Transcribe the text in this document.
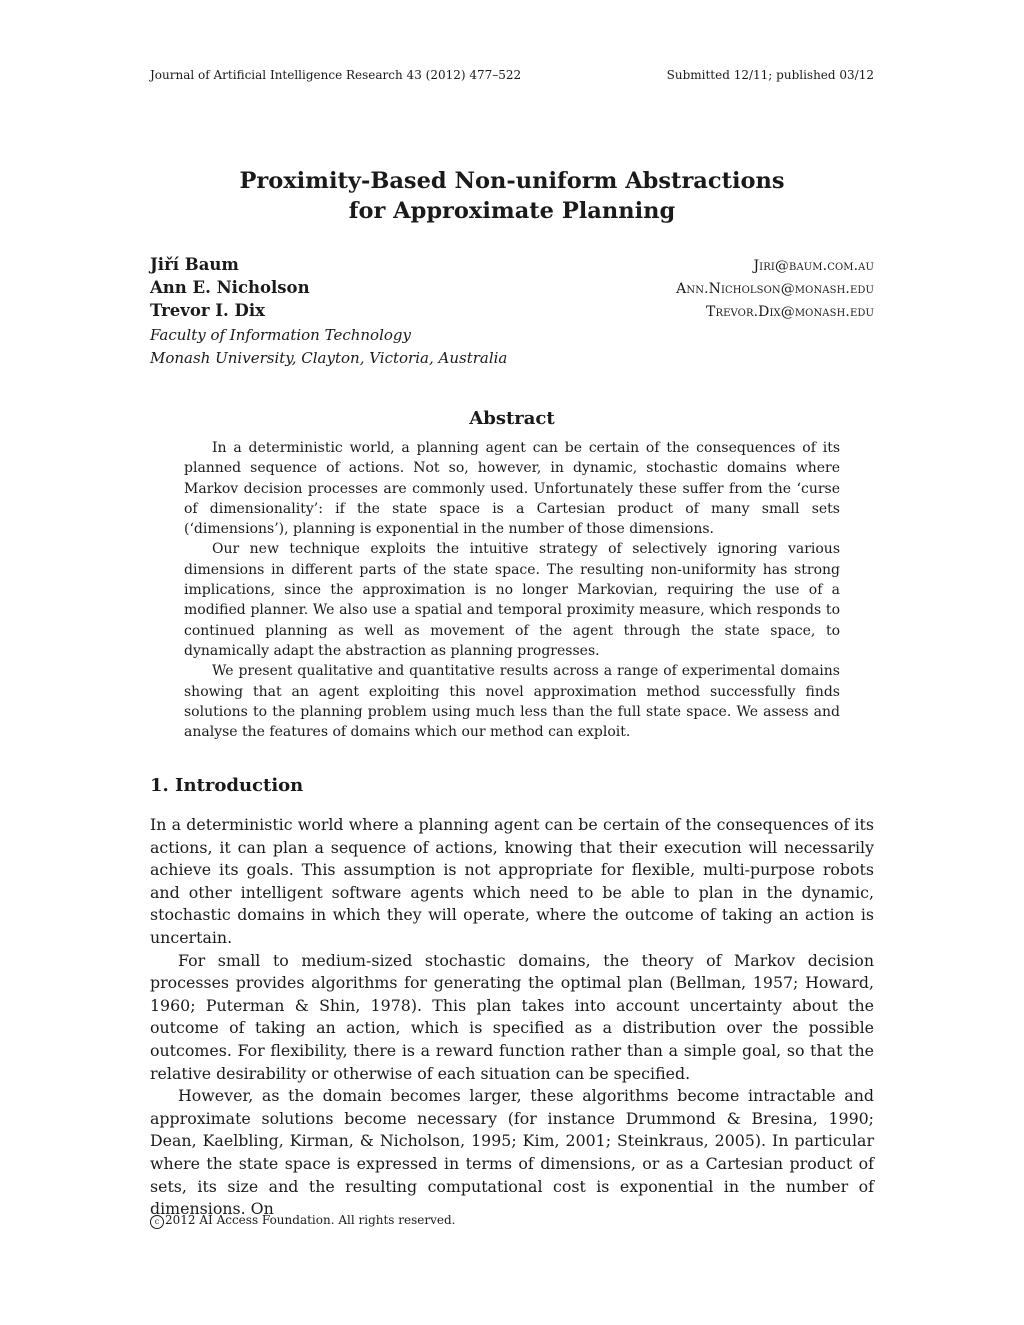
Journal of Artificial Intelligence Research 43 (2012) 477–522	Submitted 12/11; published 03/12
Proximity-Based Non-uniform Abstractions
for Approximate Planning
Jiří Baum	Jiri@baum.com.au
Ann E. Nicholson	Ann.Nicholson@monash.edu
Trevor I. Dix	Trevor.Dix@monash.edu
Faculty of Information Technology
Monash University, Clayton, Victoria, Australia
Abstract

In a deterministic world, a planning agent can be certain of the consequences of its planned sequence of actions. Not so, however, in dynamic, stochastic domains where Markov decision processes are commonly used. Unfortunately these suffer from the ‘curse of dimensionality’: if the state space is a Cartesian product of many small sets (‘dimensions’), planning is exponential in the number of those dimensions.

Our new technique exploits the intuitive strategy of selectively ignoring various dimensions in different parts of the state space. The resulting non-uniformity has strong implications, since the approximation is no longer Markovian, requiring the use of a modified planner. We also use a spatial and temporal proximity measure, which responds to continued planning as well as movement of the agent through the state space, to dynamically adapt the abstraction as planning progresses.

We present qualitative and quantitative results across a range of experimental domains showing that an agent exploiting this novel approximation method successfully finds solutions to the planning problem using much less than the full state space. We assess and analyse the features of domains which our method can exploit.

1. Introduction

In a deterministic world where a planning agent can be certain of the consequences of its actions, it can plan a sequence of actions, knowing that their execution will necessarily achieve its goals. This assumption is not appropriate for flexible, multi-purpose robots and other intelligent software agents which need to be able to plan in the dynamic, stochastic domains in which they will operate, where the outcome of taking an action is uncertain.

For small to medium-sized stochastic domains, the theory of Markov decision processes provides algorithms for generating the optimal plan (Bellman, 1957; Howard, 1960; Puterman & Shin, 1978). This plan takes into account uncertainty about the outcome of taking an action, which is specified as a distribution over the possible outcomes. For flexibility, there is a reward function rather than a simple goal, so that the relative desirability or otherwise of each situation can be specified.

However, as the domain becomes larger, these algorithms become intractable and approximate solutions become necessary (for instance Drummond & Bresina, 1990; Dean, Kaelbling, Kirman, & Nicholson, 1995; Kim, 2001; Steinkraus, 2005). In particular where the state space is expressed in terms of dimensions, or as a Cartesian product of sets, its size and the resulting computational cost is exponential in the number of dimensions. On

c 2012 AI Access Foundation. All rights reserved.
